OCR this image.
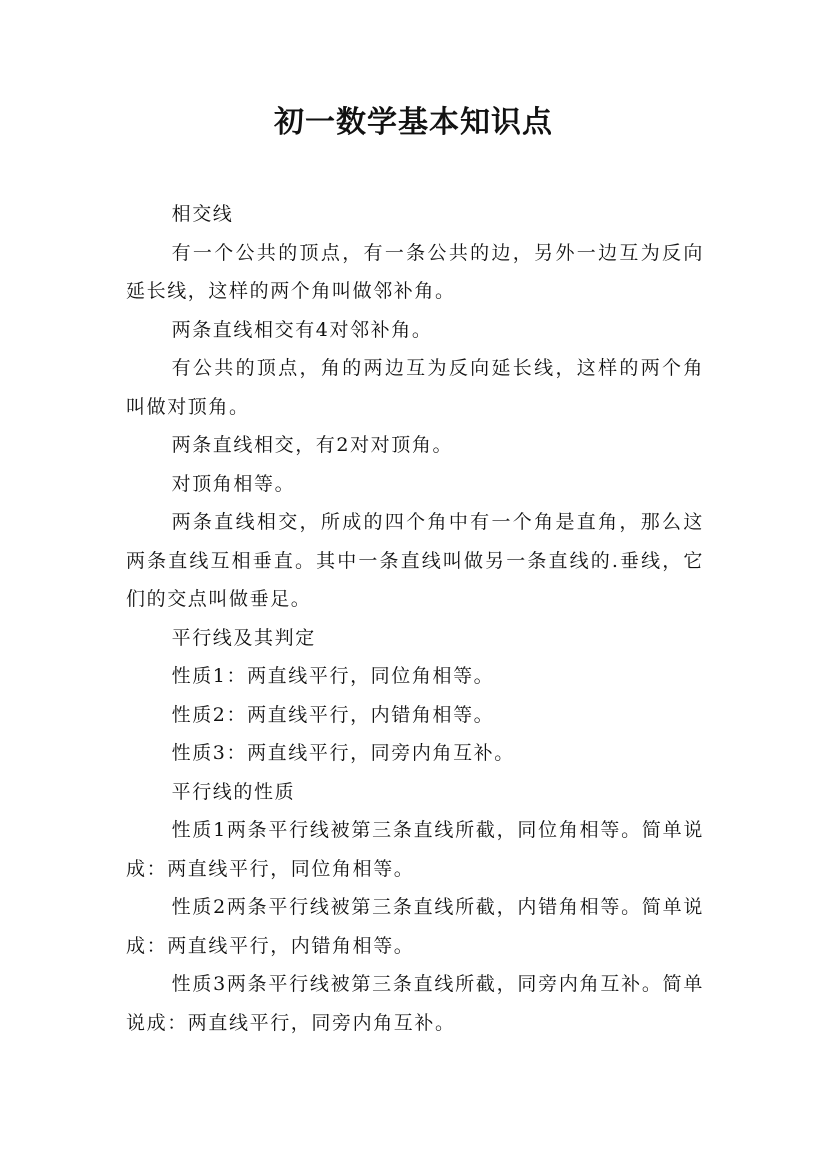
初一数学基本知识点

相交线

有一个公共的顶点，有一条公共的边，另外一边互为反向延长线，这样的两个角叫做邻补角。

两条直线相交有4对邻补角。

有公共的顶点，角的两边互为反向延长线，这样的两个角叫做对顶角。

两条直线相交，有2对对顶角。

对顶角相等。

两条直线相交，所成的四个角中有一个角是直角，那么这两条直线互相垂直。其中一条直线叫做另一条直线的.垂线，它们的交点叫做垂足。

平行线及其判定

性质1：两直线平行，同位角相等。

性质2：两直线平行，内错角相等。

性质3：两直线平行，同旁内角互补。

平行线的性质

性质1两条平行线被第三条直线所截，同位角相等。简单说成：两直线平行，同位角相等。

性质2两条平行线被第三条直线所截，内错角相等。简单说成：两直线平行，内错角相等。

性质3两条平行线被第三条直线所截，同旁内角互补。简单说成：两直线平行，同旁内角互补。
